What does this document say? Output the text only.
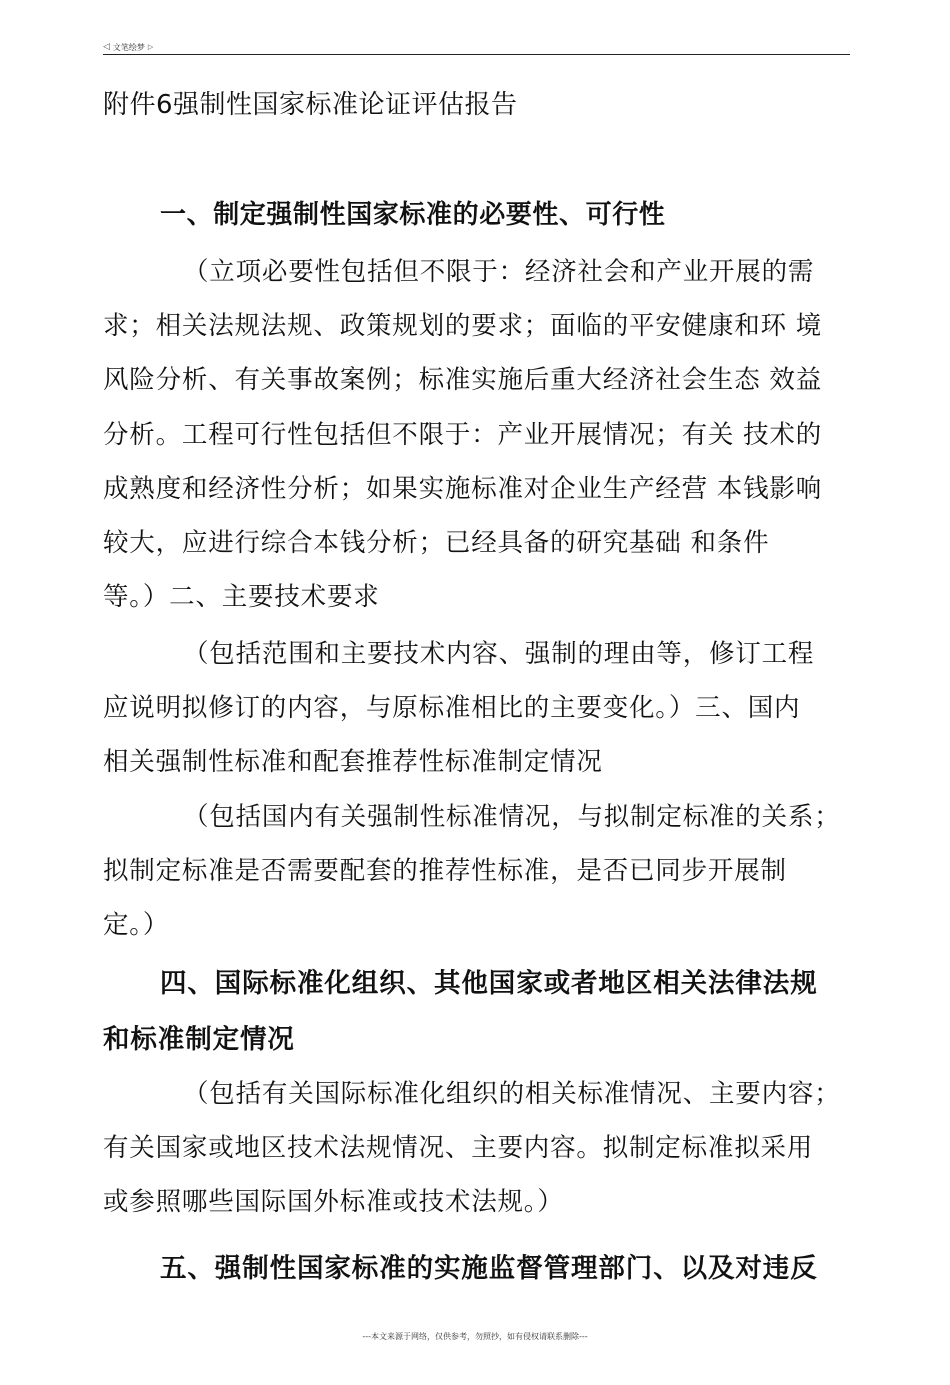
◁ 文笔绘梦 ▷
附件6强制性国家标准论证评估报告
一、制定强制性国家标准的必要性、可行性
（立项必要性包括但不限于：经济社会和产业开展的需
求；相关法规法规、政策规划的要求；面临的平安健康和环 境
风险分析、有关事故案例；标准实施后重大经济社会生态 效益
分析。工程可行性包括但不限于：产业开展情况；有关 技术的
成熟度和经济性分析；如果实施标准对企业生产经营 本钱影响
较大，应进行综合本钱分析；已经具备的研究基础 和条件
等。）二、主要技术要求
（包括范围和主要技术内容、强制的理由等，修订工程
应说明拟修订的内容，与原标准相比的主要变化。）三、国内
相关强制性标准和配套推荐性标准制定情况
（包括国内有关强制性标准情况，与拟制定标准的关系；
拟制定标准是否需要配套的推荐性标准，是否已同步开展制
定。）
四、国际标准化组织、其他国家或者地区相关法律法规
和标准制定情况
（包括有关国际标准化组织的相关标准情况、主要内容；
有关国家或地区技术法规情况、主要内容。拟制定标准拟采用
或参照哪些国际国外标准或技术法规。）
五、强制性国家标准的实施监督管理部门、以及对违反
---本文来源于网络，仅供参考，勿照抄，如有侵权请联系删除---
